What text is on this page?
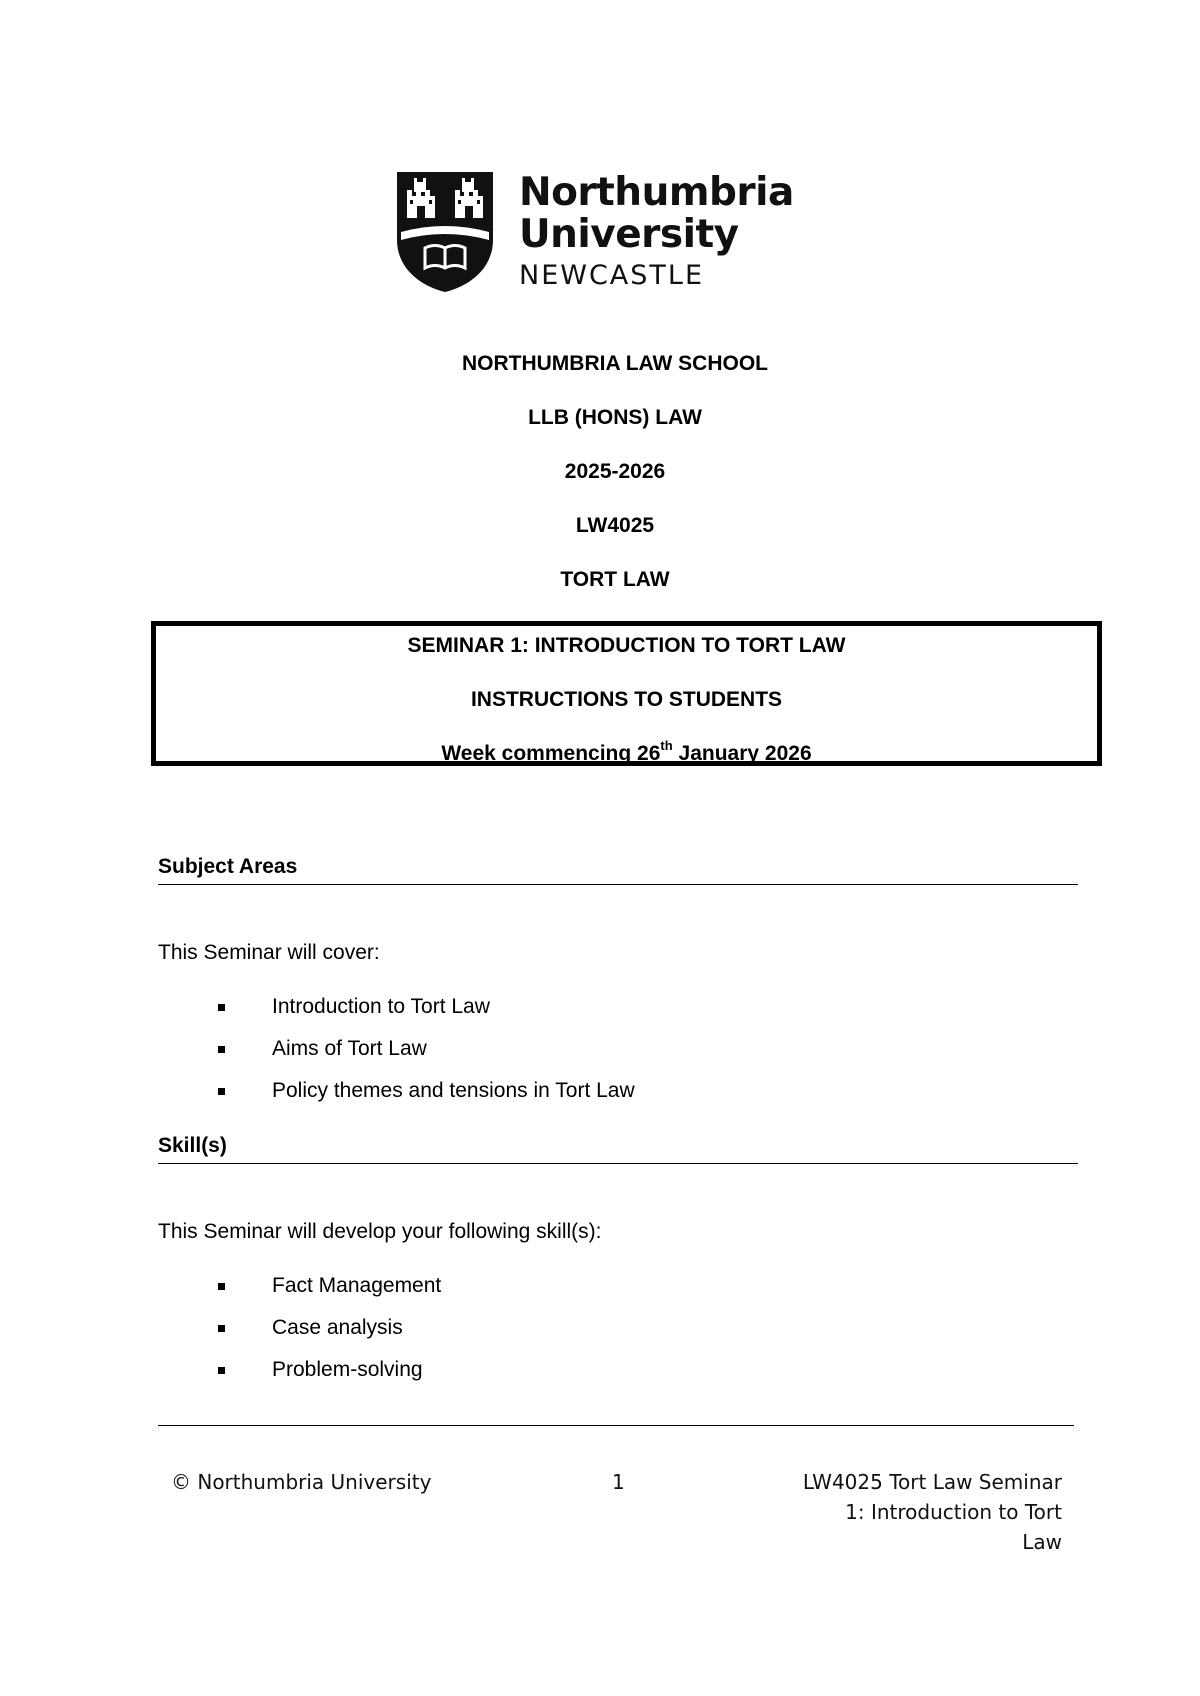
Northumbria
University
NEWCASTLE
NORTHUMBRIA LAW SCHOOL
LLB (HONS) LAW
2025-2026
LW4025
TORT LAW
SEMINAR 1: INTRODUCTION TO TORT LAW
INSTRUCTIONS TO STUDENTS
Week commencing 26th January 2026
Subject Areas
This Seminar will cover:
Introduction to Tort Law
Aims of Tort Law
Policy themes and tensions in Tort Law
Skill(s)
This Seminar will develop your following skill(s):
Fact Management
Case analysis
Problem-solving
© Northumbria University	1	LW4025 Tort Law Seminar
1: Introduction to Tort
Law
